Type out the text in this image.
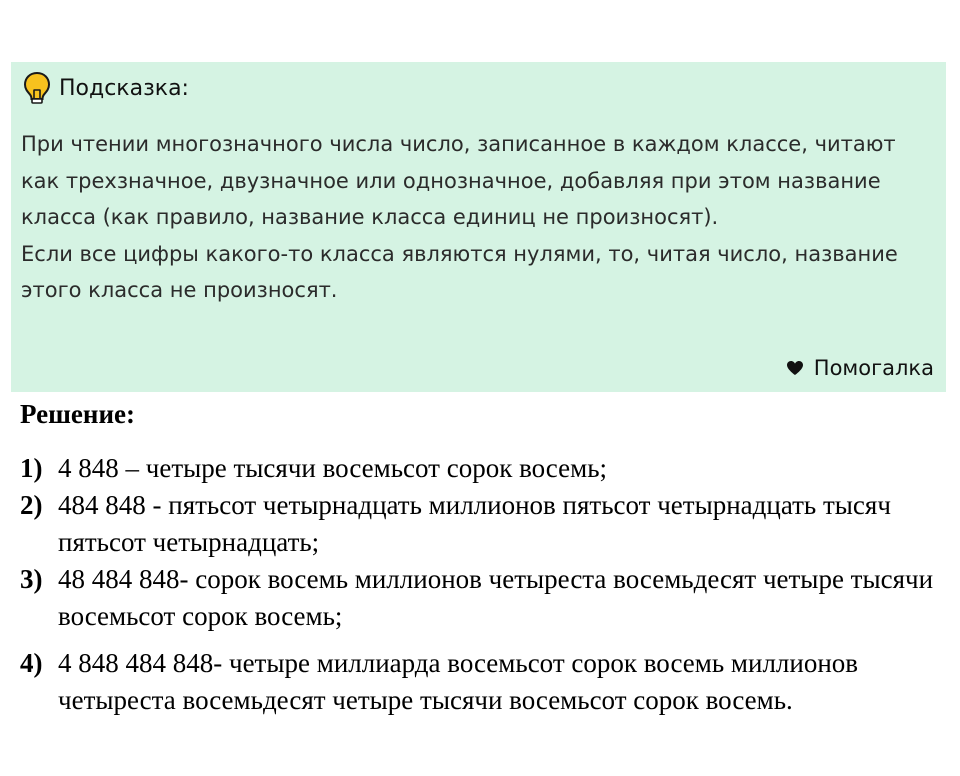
Подсказка:

При чтении многозначного числа число, записанное в каждом классе, читают как трехзначное, двузначное или однозначное, добавляя при этом название класса (как правило, название класса единиц не произносят).

Если все цифры какого-то класса являются нулями, то, читая число, название этого класса не произносят.

Помогалка

Решение:

1) 4 848 – четыре тысячи восемьсот сорок восемь;
2) 484 848 - пятьсот четырнадцать миллионов пятьсот четырнадцать тысяч пятьсот четырнадцать;
3) 48 484 848- сорок восемь миллионов четыреста восемьдесят четыре тысячи восемьсот сорок восемь;
4) 4 848 484 848- четыре миллиарда восемьсот сорок восемь миллионов четыреста восемьдесят четыре тысячи восемьсот сорок восемь.
